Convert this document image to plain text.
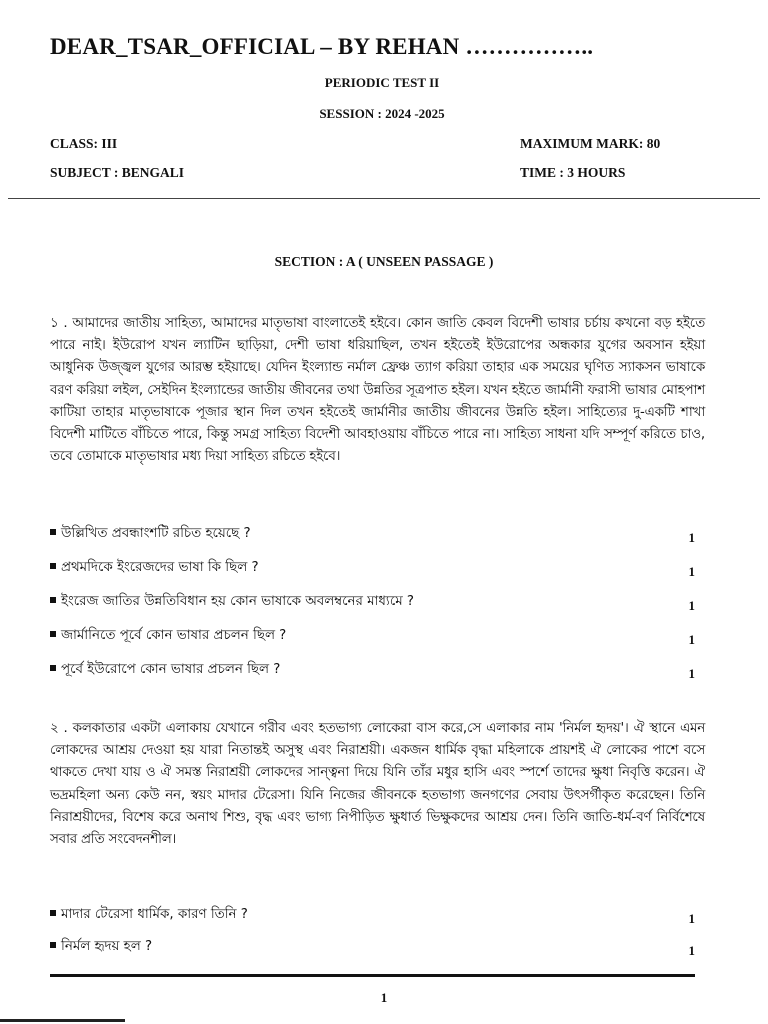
DEAR_TSAR_OFFICIAL – BY REHAN ……………..
PERIODIC TEST II
SESSION : 2024 -2025
CLASS: III
SUBJECT : BENGALI
MAXIMUM MARK: 80
TIME : 3 HOURS
SECTION : A ( UNSEEN PASSAGE )

১ . আমাদের জাতীয় সাহিত্য, আমাদের মাতৃভাষা বাংলাতেই হইবে। কোন জাতি কেবল বিদেশী ভাষার চর্চায় কখনো বড় হইতে পারে নাই। ইউরোপ যখন ল্যাটিন ছাড়িয়া, দেশী ভাষা ধরিয়াছিল, তখন হইতেই ইউরোপের অন্ধকার যুগের অবসান হইয়া আধুনিক উজ্জ্বল যুগের আরম্ভ হইয়াছে। যেদিন ইংল্যান্ড নর্মাল ফ্রেঞ্চ ত্যাগ করিয়া তাহার এক সময়ের ঘৃণিত স্যাকসন ভাষাকে বরণ করিয়া লইল, সেইদিন ইংল্যান্ডের জাতীয় জীবনের তথা উন্নতির সূত্রপাত হইল। যখন হইতে জার্মানী ফরাসী ভাষার মোহপাশ কাটিয়া তাহার মাতৃভাষাকে পূজার স্থান দিল তখন হইতেই জার্মানীর জাতীয় জীবনের উন্নতি হইল। সাহিত্যের দু-একটি শাখা বিদেশী মাটিতে বাঁচিতে পারে, কিন্তু সমগ্র সাহিত্য বিদেশী আবহাওয়ায় বাঁচিতে পারে না। সাহিত্য সাধনা যদি সম্পূর্ণ করিতে চাও, তবে তোমাকে মাতৃভাষার মধ্য দিয়া সাহিত্য রচিতে হইবে।

উল্লিখিত প্রবন্ধাংশটি রচিত হয়েছে ?	1
প্রথমদিকে ইংরেজদের ভাষা কি ছিল ?	1
ইংরেজ জাতির উন্নতিবিধান হয় কোন ভাষাকে অবলম্বনের মাধ্যমে ?	1
জার্মানিতে পূর্বে কোন ভাষার প্রচলন ছিল ?	1
পূর্বে ইউরোপে কোন ভাষার প্রচলন ছিল ?	1

২ . কলকাতার একটা এলাকায় যেখানে গরীব এবং হতভাগ্য লোকেরা বাস করে,সে এলাকার নাম 'নির্মল হৃদয়'। ঐ স্থানে এমন লোকদের আশ্রয় দেওয়া হয় যারা নিতান্তই অসুস্থ এবং নিরাশ্রয়ী। একজন ধার্মিক বৃদ্ধা মহিলাকে প্রায়শই ঐ লোকের পাশে বসে থাকতে দেখা যায় ও ঐ সমস্ত নিরাশ্রয়ী লোকদের সান্ত্বনা দিয়ে যিনি তাঁর মধুর হাসি এবং স্পর্শে তাদের ক্ষুধা নিবৃত্তি করেন। ঐ ভদ্রমহিলা অন্য কেউ নন, স্বয়ং মাদার টেরেসা। যিনি নিজের জীবনকে হতভাগ্য জনগণের সেবায় উৎসর্গীকৃত করেছেন। তিনি নিরাশ্রয়ীদের, বিশেষ করে অনাথ শিশু, বৃদ্ধ এবং ভাগ্য নিপীড়িত ক্ষুধার্ত ভিক্ষুকদের আশ্রয় দেন। তিনি জাতি-ধর্ম-বর্ণ নির্বিশেষে সবার প্রতি সংবেদনশীল।

মাদার টেরেসা ধার্মিক, কারণ তিনি ?	1
নির্মল হৃদয় হল ?	1
1
